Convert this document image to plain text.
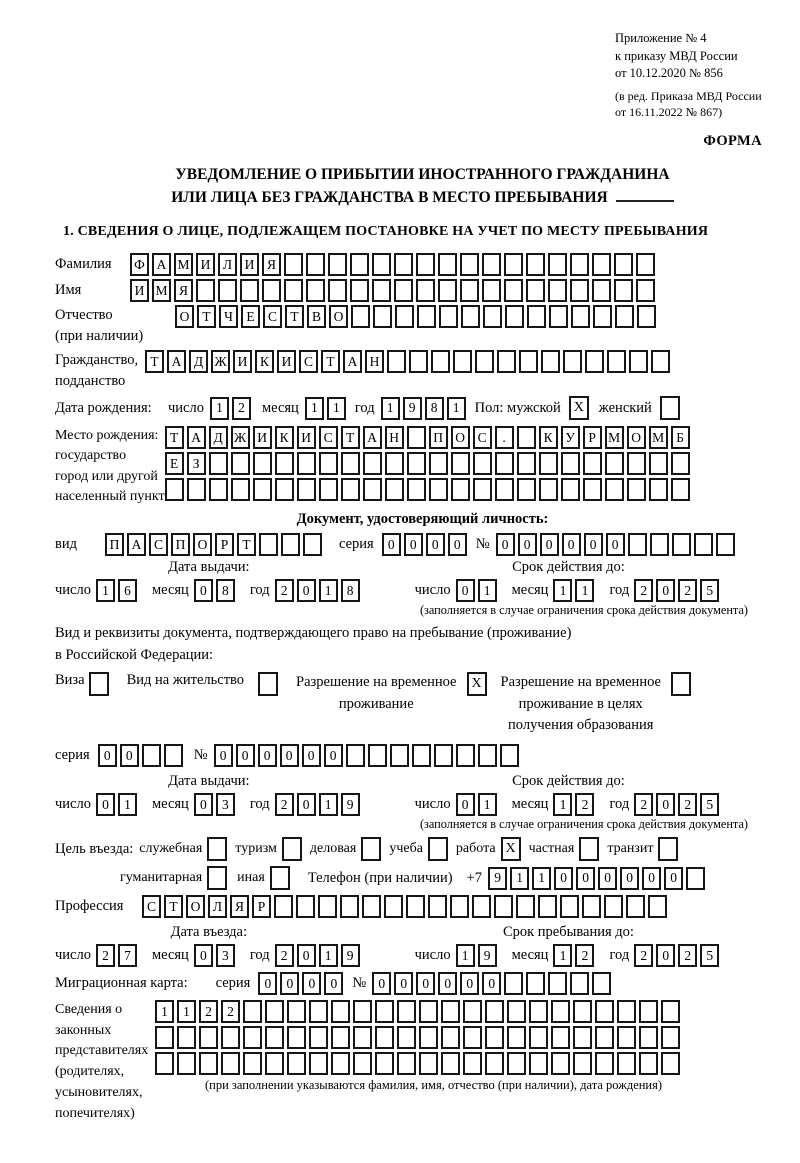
Приложение № 4
к приказу МВД России
от 10.12.2020 № 856
(в ред. Приказа МВД России
от 16.11.2022 № 867)
ФОРМА
УВЕДОМЛЕНИЕ О ПРИБЫТИИ ИНОСТРАННОГО ГРАЖДАНИНА
ИЛИ ЛИЦА БЕЗ ГРАЖДАНСТВА В МЕСТО ПРЕБЫВАНИЯ
1. СВЕДЕНИЯ О ЛИЦЕ, ПОДЛЕЖАЩЕМ ПОСТАНОВКЕ НА УЧЕТ ПО МЕСТУ ПРЕБЫВАНИЯ
Фамилия	Ф А М И Л И Я
Имя	И М Я
Отчество
(при наличии)
О Т Ч Е С Т В О
Гражданство,
подданство
Т А Д Ж И К И С Т А Н
Дата рождения:	число 1	2	месяц 1	1	год 1	9	8	1	Пол: мужской X	женский
Место рождения:
государство
город или другой
населенный пункт
Т А Д Ж И К И С Т А Н	П О С	.	К У Р М О М Б
Е	З
Документ, удостоверяющий личность:
вид	П А С П О Р	Т	серия	0	0	0	0	№ 0	0	0	0	0	0
Дата выдачи:
число 1	6	месяц 0	8	год 2	0	1	8
Срок действия до:
число 0	1	месяц 1	1	год 2	0	2	5
(заполняется в случае ограничения срока действия документа)
Вид и реквизиты документа, подтверждающего право на пребывание (проживание)
в Российской Федерации:
Виза	Вид на жительство	Разрешение на временное
проживание
X	Разрешение на временное
проживание в целях
получения образования
серия	0	0	№ 0	0	0	0	0	0
Дата выдачи:
число 0	1	месяц 0	3	год 2	0	1	9
Срок действия до:
число 0	1	месяц 1	2	год 2	0	2	5
(заполняется в случае ограничения срока действия документа)
Цель въезда: служебная туризм деловая учеба работа X частная транзит
гуманитарная	иная	Телефон (при наличии) +7 9	1	1	0	0	0	0	0	0
Профессия	С Т О Л Я	Р
Дата въезда:
число 2	7	месяц 0	3	год 2	0	1	9
Срок пребывания до:
число 1	9	месяц 1	2	год 2	0	2	5
Миграционная карта: серия	0	0	0	0	№ 0	0	0	0	0	0
Сведения о
законных
представителях
(родителях,
усыновителях,
попечителях)
1	1	2	2
(при заполнении указываются фамилия, имя, отчество (при наличии), дата рождения)
